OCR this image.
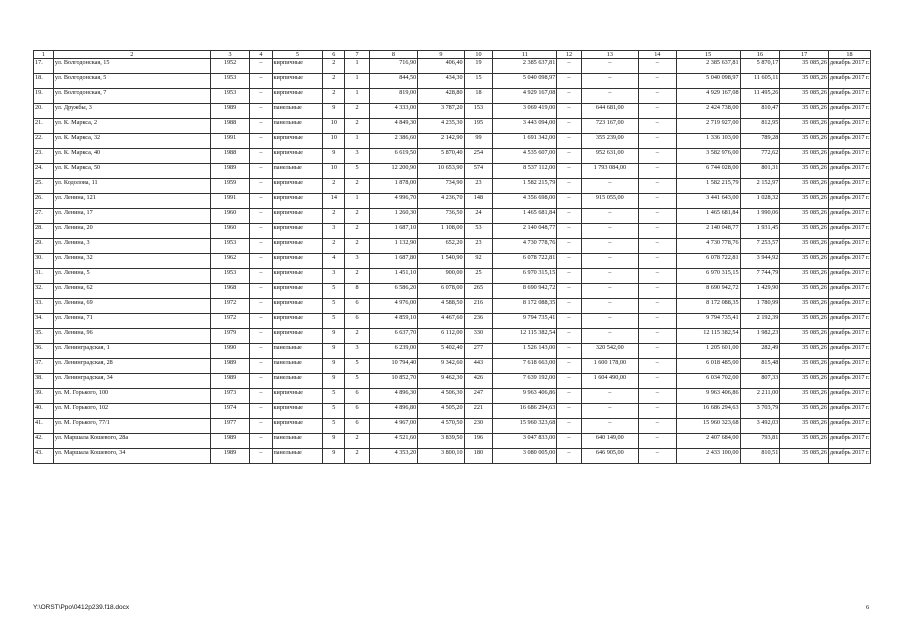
1	2	3	4	5	6	7	8	9	10	11	12	13	14	15	16	17	18
17.	ул. Волгодонская, 15	1952	–	кирпичные	2	1	716,90	406,40	19	2 385 637,81	–	–	–	2 385 637,81	5 870,17	35 085,26	декабрь 2017 г.
18.	ул. Волгодонская, 5	1953	–	кирпичные	2	1	844,50	434,30	15	5 040 098,97	–	–	–	5 040 098,97	11 605,11	35 085,26	декабрь 2017 г.
19.	ул. Волгодонская, 7	1953	–	кирпичные	2	1	819,00	428,80	18	4 929 167,08	–	–	–	4 929 167,08	11 495,26	35 085,26	декабрь 2017 г.
20.	ул. Дружбы, 3	1989	–	панельные	9	2	4 333,00	3 787,20	153	3 069 419,00	–	644 681,00	–	2 424 738,00	810,47	35 085,26	декабрь 2017 г.
21.	ул. К. Маркса, 2	1988	–	панельные	10	2	4 849,30	4 235,30	195	3 443 094,00	–	723 167,00	–	2 719 927,00	812,95	35 085,26	декабрь 2017 г.
22.	ул. К. Маркса, 32	1991	–	кирпичные	10	1	2 386,60	2 142,90	99	1 691 342,00	–	355 239,00	–	1 336 103,00	789,28	35 085,26	декабрь 2017 г.
23.	ул. К. Маркса, 40	1988	–	кирпичные	9	3	6 619,50	5 870,40	254	4 535 607,00	–	952 631,00	–	3 582 976,00	772,62	35 085,26	декабрь 2017 г.
24.	ул. К. Маркса, 50	1989	–	панельные	10	5	12 200,90	10 653,90	574	8 537 112,00	–	1 793 084,00	–	6 744 028,00	801,31	35 085,26	декабрь 2017 г.
25.	ул. Кодолова, 11	1959	–	кирпичные	2	2	1 878,00	734,90	23	1 582 215,79	–	–	–	1 582 215,79	2 152,97	35 085,26	декабрь 2017 г.
26.	ул. Ленина, 121	1991	–	кирпичные	14	1	4 996,70	4 236,70	148	4 356 698,00	–	915 055,00	–	3 441 643,00	1 028,32	35 085,26	декабрь 2017 г.
27.	ул. Ленина, 17	1960	–	кирпичные	2	2	1 260,30	736,50	24	1 465 681,84	–	–	–	1 465 681,84	1 990,06	35 085,26	декабрь 2017 г.
28.	ул. Ленина, 20	1960	–	кирпичные	3	2	1 687,10	1 108,00	53	2 140 048,77	–	–	–	2 140 048,77	1 931,45	35 085,26	декабрь 2017 г.
29.	ул. Ленина, 3	1953	–	кирпичные	2	2	1 132,90	652,20	23	4 730 778,76	–	–	–	4 730 778,76	7 253,57	35 085,26	декабрь 2017 г.
30.	ул. Ленина, 32	1962	–	кирпичные	4	3	1 687,80	1 540,90	92	6 078 722,81	–	–	–	6 078 722,81	3 944,92	35 085,26	декабрь 2017 г.
31.	ул. Ленина, 5	1953	–	кирпичные	3	2	1 451,10	900,00	25	6 970 315,15	–	–	–	6 970 315,15	7 744,79	35 085,26	декабрь 2017 г.
32.	ул. Ленина, 62	1968	–	кирпичные	5	8	6 586,20	6 078,00	265	8 690 942,72	–	–	–	8 690 942,72	1 429,90	35 085,26	декабрь 2017 г.
33.	ул. Ленина, 69	1972	–	кирпичные	5	6	4 976,00	4 588,50	216	8 172 088,35	–	–	–	8 172 088,35	1 780,99	35 085,26	декабрь 2017 г.
34.	ул. Ленина, 71	1972	–	кирпичные	5	6	4 859,10	4 467,60	236	9 794 735,41	–	–	–	9 794 735,41	2 192,39	35 085,26	декабрь 2017 г.
35.	ул. Ленина, 96	1979	–	кирпичные	9	2	6 637,70	6 112,00	330	12 115 382,54	–	–	–	12 115 382,54	1 982,23	35 085,26	декабрь 2017 г.
36.	ул. Ленинградская, 1	1990	–	панельные	9	3	6 239,00	5 402,40	277	1 526 143,00	–	320 542,00	–	1 205 601,00	282,49	35 085,26	декабрь 2017 г.
37.	ул. Ленинградская, 28	1989	–	панельные	9	5	10 794,40	9 342,60	443	7 618 663,00	–	1 600 178,00	–	6 018 485,00	815,48	35 085,26	декабрь 2017 г.
38.	ул. Ленинградская, 34	1989	–	панельные	9	5	10 852,70	9 462,30	426	7 639 192,00	–	1 604 490,00	–	6 034 702,00	807,33	35 085,26	декабрь 2017 г.
39.	ул. М. Горького, 100	1973	–	кирпичные	5	6	4 896,30	4 506,30	247	9 963 406,86	–	–	–	9 963 406,86	2 211,00	35 085,26	декабрь 2017 г.
40.	ул. М. Горького, 102	1974	–	кирпичные	5	6	4 896,80	4 505,20	221	16 686 294,63	–	–	–	16 686 294,63	3 703,79	35 085,26	декабрь 2017 г.
41.	ул. М. Горького, 77/1	1977	–	кирпичные	5	6	4 967,00	4 570,50	230	15 960 323,68	–	–	–	15 960 323,68	3 492,03	35 085,26	декабрь 2017 г.
42.	ул. Маршала Кошевого, 28а	1989	–	панельные	9	2	4 521,60	3 839,50	196	3 047 833,00	–	640 149,00	–	2 407 684,00	793,81	35 085,26	декабрь 2017 г.
43.	ул. Маршала Кошевого, 34	1989	–	панельные	9	2	4 353,20	3 800,10	180	3 080 005,00	–	646 905,00	–	2 433 100,00	810,51	35 085,26	декабрь 2017 г.
Y:\ORST\Ppo\0412p239.f18.docx	6
